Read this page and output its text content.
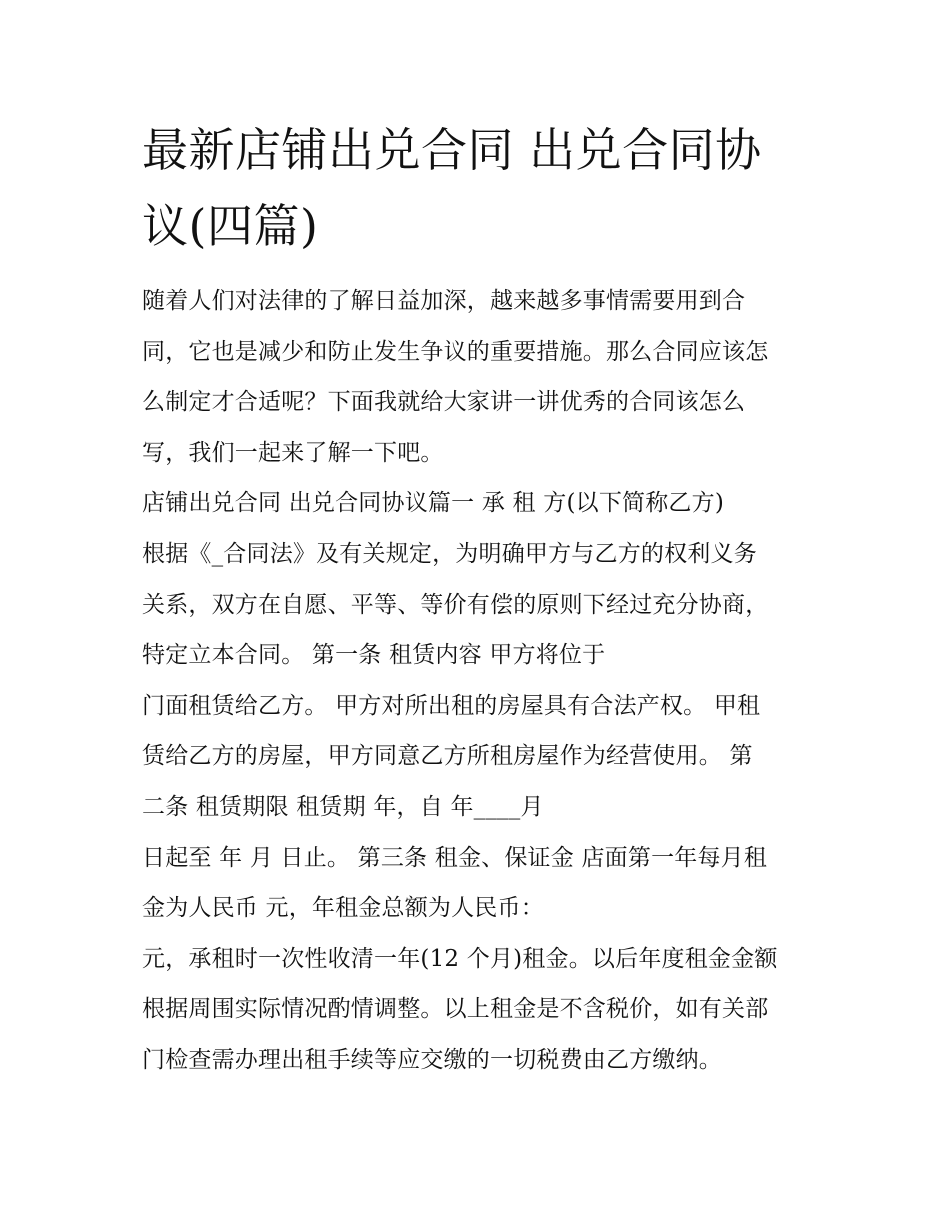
最新店铺出兑合同 出兑合同协
议(四篇)
随着人们对法律的了解日益加深，越来越多事情需要用到合
同，它也是减少和防止发生争议的重要措施。那么合同应该怎
么制定才合适呢？下面我就给大家讲一讲优秀的合同该怎么
写，我们一起来了解一下吧。
店铺出兑合同 出兑合同协议篇一 承 租 方(以下简称乙方)
根据《_合同法》及有关规定，为明确甲方与乙方的权利义务
关系，双方在自愿、平等、等价有偿的原则下经过充分协商，
特定立本合同。 第一条 租赁内容 甲方将位于
门面租赁给乙方。 甲方对所出租的房屋具有合法产权。 甲租
赁给乙方的房屋，甲方同意乙方所租房屋作为经营使用。 第
二条 租赁期限 租赁期 年，自 年____月
日起至 年 月 日止。 第三条 租金、保证金 店面第一年每月租
金为人民币 元，年租金总额为人民币：
元，承租时一次性收清一年(12 个月)租金。以后年度租金金额
根据周围实际情况酌情调整。以上租金是不含税价，如有关部
门检查需办理出租手续等应交缴的一切税费由乙方缴纳。
